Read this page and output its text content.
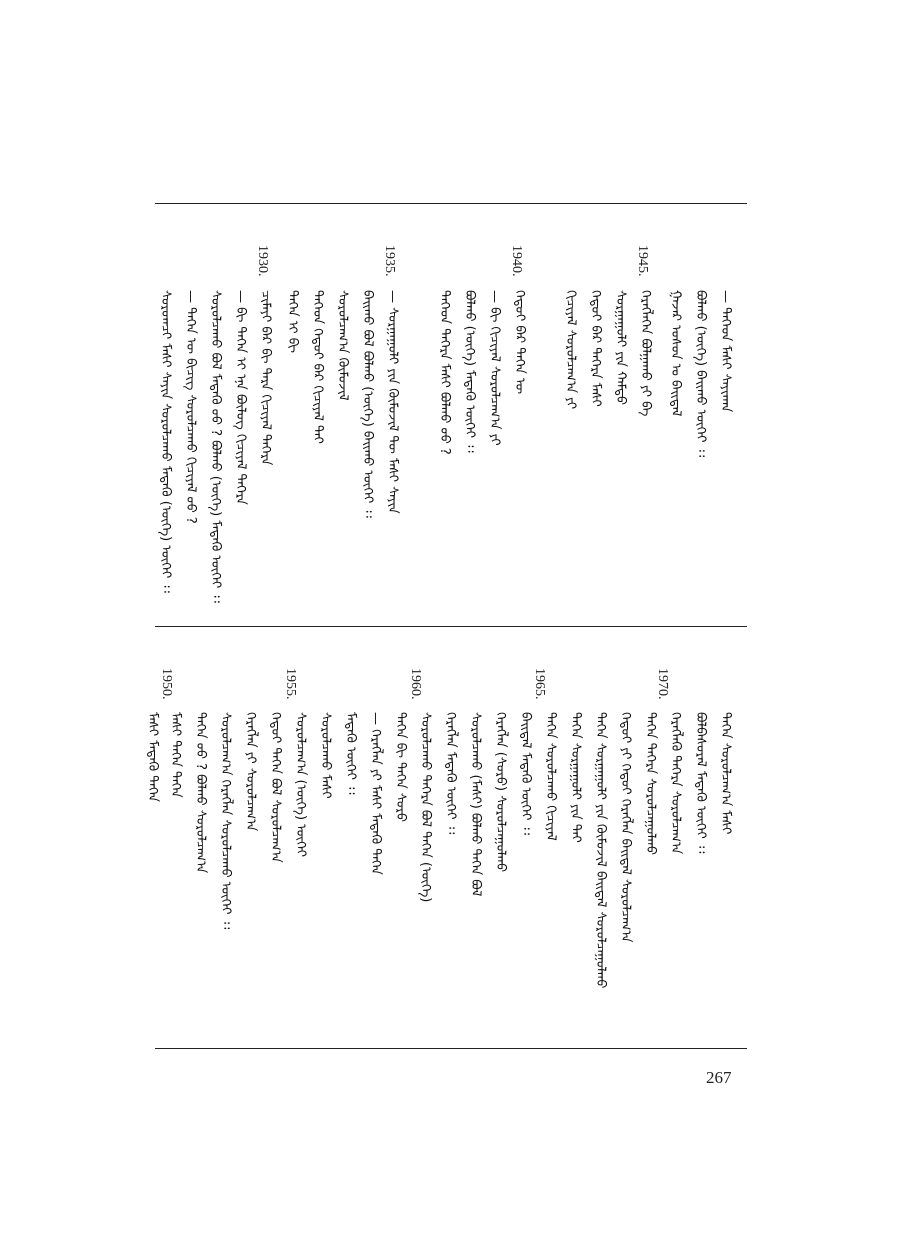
267
1945.
1940.
1935.
1930.
— ᠲᠡᠭᠡᠳ ᠮᠠᠰᠢ ᠰᠠᠶᠢᠬᠠᠨ
ᠪᠣᠯᠬᠤ (ᠦᠭᠡ) ᠪᠠᠢᠬᠤ ᠦᠭᠡᠢ ᠄᠄
ᠭᠠᠵᠠᠷ ᠤᠰᠤᠨ ᠤ ᠪᠠᠢᠳᠠᠯ
ᠬᠡᠷᠡᠭᠯᠡᠭᠡᠨ ᠪᠣᠯᠭᠠᠬᠤ ᠶᠢ ᠪᠠ
ᠰᠤᠷᠭᠠᠭᠤᠯᠢ ᠶᠢᠨ ᠬᠠᠮᠲᠤ
ᠬᠡᠳᠦᠢ ᠪᠠᠷ ᠳᠡᠭᠡᠷᠡ ᠮᠠᠰᠢ
ᠬᠢᠴᠢᠶᠡᠯ ᠰᠤᠷᠤᠯᠴᠠᠭ᠎ᠠ ᠶᠢ
ᠬᠡᠳᠦᠢ ᠪᠠᠷ ᠲᠡᠭᠡᠨ ᠦ
— ᠪᠢ ᠬᠢᠴᠢᠶᠡᠯ ᠰᠤᠷᠤᠯᠴᠠᠭ᠎ᠠ ᠶᠢ
ᠪᠣᠯᠬᠤ (ᠦᠭᠡ) ᠮᠡᠳᠡᠬᠦ ᠦᠭᠡᠢ ᠄᠄
ᠲᠡᠭᠡᠳ ᠳᠡᠭᠡᠷᠡ ᠮᠠᠰᠢ ᠪᠣᠯᠬᠤ ᠤᠤ ?
— ᠰᠤᠷᠭᠠᠭᠤᠯᠢ ᠶᠢᠨ ᠬᠦᠮᠦᠵᠢᠯ ᠲᠦ ᠮᠠᠰᠢ ᠰᠠᠶᠢᠨ
ᠪᠠᠢᠬᠤ ᠪᠣᠯ ᠪᠣᠯᠬᠤ (ᠦᠭᠡ) ᠪᠠᠢᠬᠤ ᠦᠭᠡᠢ ᠄᠄
ᠰᠤᠷᠤᠯᠴᠠᠭ᠎ᠠ ᠬᠦᠮᠦᠵᠢᠯ
ᠲᠡᠭᠡᠳ ᠬᠡᠳᠦᠢ ᠪᠠᠷ ᠬᠢᠴᠢᠶᠡᠯ ᠲᠠᠢ
ᠲᠡᠭᠡᠨ ᠢ ᠪᠢ
ᠴᠢᠮᠠᠶᠢ ᠪᠠᠷ ᠪᠢ ᠲᠡᠷᠡ ᠬᠢᠴᠢᠶᠡᠯ ᠳᠡᠭᠡᠷᠡ
— ᠪᠢ ᠲᠡᠭᠡᠨ ᠢ ᠡᠨᠡ ᠪᠦᠯᠦᠭ ᠬᠢᠴᠢᠶᠡᠯ ᠳᠡᠭᠡᠷᠡ
ᠰᠤᠷᠤᠯᠴᠠᠬᠤ ᠪᠣᠯ ᠮᠡᠳᠡᠬᠦ ᠦᠦ ? ᠪᠣᠯᠬᠤ (ᠦᠭᠡ) ᠮᠡᠳᠡᠬᠦ ᠦᠭᠡᠢ ᠄᠄
— ᠲᠡᠭᠡᠨ ᠦ ᠪᠢᠴᠢᠭ ᠰᠤᠷᠤᠯᠴᠠᠬᠤ ᠬᠢᠴᠢᠶᠡᠯ ᠤᠤ ?
ᠰᠤᠷᠤᠭᠴᠢ ᠮᠠᠰᠢ ᠰᠠᠶᠢᠨ ᠰᠤᠷᠤᠯᠴᠠᠬᠤ ᠮᠡᠳᠡᠬᠦ (ᠦᠭᠡ) ᠦᠭᠡᠢ ᠄᠄
1970.
1965.
1960.
1955.
1950.
ᠲᠡᠭᠡᠨ ᠰᠤᠷᠤᠯᠴᠠᠭ᠎ᠠ ᠮᠠᠰᠢ
ᠪᠣᠯᠪᠠᠰᠤᠷᠠᠯ ᠮᠡᠳᠡᠬᠦ ᠦᠭᠡᠢ ᠄᠄
ᠬᠡᠷᠡᠭᠯᠡᠬᠦ ᠳᠡᠭᠡᠷᠡ ᠰᠤᠷᠤᠯᠴᠠᠭ᠎ᠠ
ᠲᠡᠭᠡᠨ ᠳᠡᠭᠡᠷᠡ ᠰᠤᠷᠤᠯᠴᠠᠭᠤᠯᠬᠤ
ᠬᠡᠳᠦᠢ ᠶᠢ ᠬᠡᠳᠦᠢ ᠬᠡᠷᠡᠭᠯᠡᠨ ᠪᠠᠢᠳᠠᠯ ᠰᠤᠷᠤᠯᠴᠠᠭ᠎ᠠ
ᠲᠡᠭᠡᠨ ᠰᠤᠷᠭᠠᠭᠤᠯᠢ ᠶᠢᠨ ᠬᠦᠮᠦᠵᠢᠯ ᠪᠠᠢᠳᠠᠯ ᠰᠤᠷᠤᠯᠴᠠᠭᠤᠯᠬᠤ
ᠲᠡᠭᠡᠨ ᠰᠤᠷᠭᠠᠭᠤᠯᠢ ᠶᠢᠨ ᠲᠠᠢ
ᠲᠡᠭᠡᠨ ᠰᠤᠷᠤᠯᠴᠠᠬᠤ ᠬᠢᠴᠢᠶᠡᠯ
ᠪᠠᠢᠳᠠᠯ ᠮᠡᠳᠡᠬᠦ ᠦᠭᠡᠢ ᠄᠄
ᠬᠡᠷᠡᠭᠯᠡᠨ (ᠰᠤᠷᠤ) ᠰᠤᠷᠤᠯᠴᠠᠭᠤᠯᠬᠤ
ᠰᠤᠷᠤᠯᠴᠠᠬᠤ (ᠮᠠᠰᠢ) ᠪᠣᠯᠬᠤ ᠲᠡᠭᠡᠨ ᠪᠣᠯ
ᠬᠡᠷᠡᠭᠯᠡᠨ ᠮᠡᠳᠡᠬᠦ ᠦᠭᠡᠢ ᠄᠄
ᠰᠤᠷᠤᠯᠴᠠᠬᠤ ᠳᠡᠭᠡᠷᠡ ᠪᠣᠯ ᠲᠡᠭᠡᠨ (ᠦᠭᠡ)
ᠲᠡᠭᠡᠨ ᠪᠢ ᠲᠡᠭᠡᠨ ᠰᠤᠷᠤ
— ᠬᠡᠷᠡᠭᠯᠡᠨ ᠶᠢ ᠮᠠᠰᠢ ᠮᠡᠳᠡᠬᠦ ᠲᠡᠭᠡᠨ
ᠮᠡᠳᠡᠬᠦ ᠦᠭᠡᠢ ᠄᠄
ᠰᠤᠷᠤᠯᠴᠠᠬᠤ ᠮᠠᠰᠢ
ᠰᠤᠷᠤᠯᠴᠠᠭ᠎ᠠ (ᠦᠭᠡ) ᠦᠭᠡᠢ
ᠬᠡᠳᠦᠢ ᠲᠡᠭᠡᠨ ᠪᠣᠯ ᠰᠤᠷᠤᠯᠴᠠᠭ᠎ᠠ
ᠬᠡᠷᠡᠭᠯᠡᠨ ᠶᠢ ᠰᠤᠷᠤᠯᠴᠠᠭ᠎ᠠ
ᠰᠤᠷᠤᠯᠴᠠᠭ᠎ᠠ ᠬᠡᠷᠡᠭᠯᠡᠨ ᠰᠤᠷᠤᠯᠴᠠᠬᠤ ᠦᠭᠡᠢ ᠄᠄
ᠲᠡᠭᠡᠨ ᠤᠤ ? ᠪᠣᠯᠬᠤ ᠰᠤᠷᠤᠯᠴᠠᠭ᠎ᠠ
ᠮᠠᠰᠢ ᠲᠡᠭᠡᠨ ᠲᠡᠭᠡᠨ
ᠮᠠᠰᠢ ᠮᠡᠳᠡᠬᠦ ᠲᠡᠭᠡᠨ
